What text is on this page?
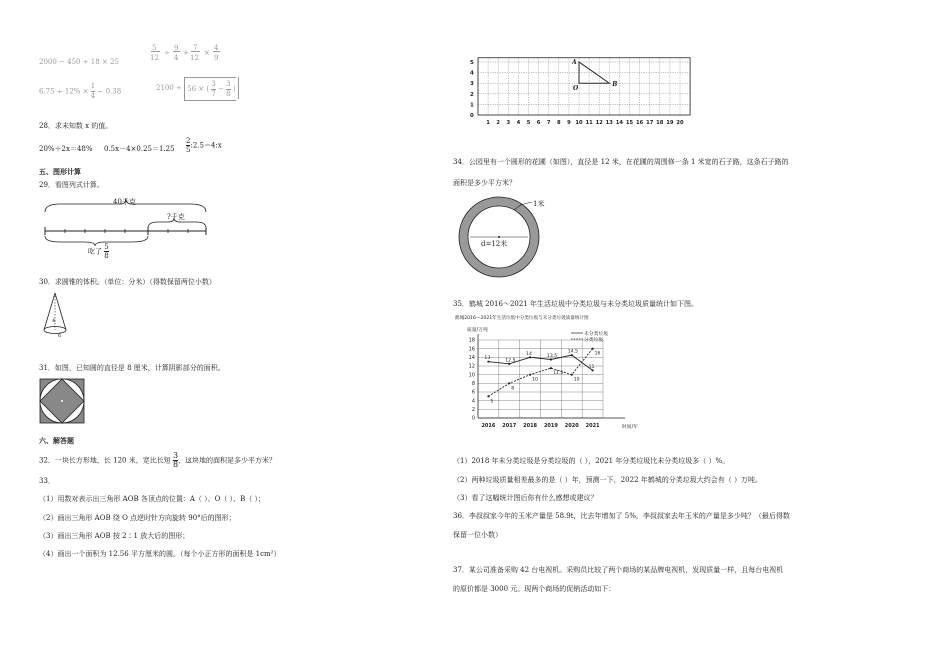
2000 − 450 ÷ 18 × 25
5
12
÷
9
4
+
7
12
×
4
9
$6.75 \div 12\% \times \frac{1}{4} - 0.38$	2100 ÷ 56 × ( $\frac{3}{7} - \frac{3}{8}$ )
28．求未知数 x 的值。
20%＋2x＝48% $0.5x-4\times 0.25=1.25 \frac{2}{5}$ :2.5＝4:x
五、图形计算
29．看图列式计算。
40千克
?千克
吃了 $\frac{5}{8}$
30．求圆锥的体积。（单位：分米）（得数保留两位小数）
4
6
31．如图，已知圆的直径是 8 厘米，计算阴影部分的面积。
六、解答题
32．一块长方形地，长 120 米，宽比长短 $\frac{3}{8}$ ，这块地的面积是多少平方米？
33．
（1）用数对表示出三角形 AOB 各顶点的位置：A（ ）、O（ ）、B（ ）；
（2）画出三角形 AOB 绕 O 点逆时针方向旋转 90°后的图形；
（3）画出三角形 AOB 按 2∶1 放大后的图形；
（4）画出一个面积为 12.56 平方厘米的圆。（每个小正方形的面积是 1cm²）
0
1
2
3
4
5
1 2 3 4 5 6 7 8 9 10 11 12 13 14 15 16 17 18 19 20
A
O
B
34．公园里有一个圆形的花圃（如图），直径是 12 米，在花圃的周围修一条 1 米宽的石子路，这条石子路的
面积是多少平方米？
1米
d=12米
35．鹤城 2016～2021 年生活垃圾中分类垃圾与未分类垃圾质量统计如下图。
鹤城2016—2021年生活垃圾中分类垃圾与未分类垃圾质量统计图
质量/万吨
时间/年
0
2
4
6
8
10
12
14
16
18
2016 2017 2018 2019 2020 2021
13	12.5
14	13.5
14.5
11
5
8
10
11.5
10
16
未分类垃圾
分类垃圾
（1）2018 年未分类垃圾是分类垃圾的（ ），2021 年分类垃圾比未分类垃圾多（ ）%。
（2）两种垃圾质量相差最多的是（ ）年，预测一下，2022 年鹤城的分类垃圾大约会有（ ）万吨。
（3）看了这幅统计图后你有什么感想或建议？
36．李叔叔家今年的玉米产量是 58.9t，比去年增加了 5%，李叔叔家去年玉米的产量是多少吨？（最后得数
保留一位小数）
37．某公司准备采购 42 台电视机。采购员比较了两个商场的某品牌电视机，发现质量一样，且每台电视机
的原价都是 3000 元。现两个商场的促销活动如下：
